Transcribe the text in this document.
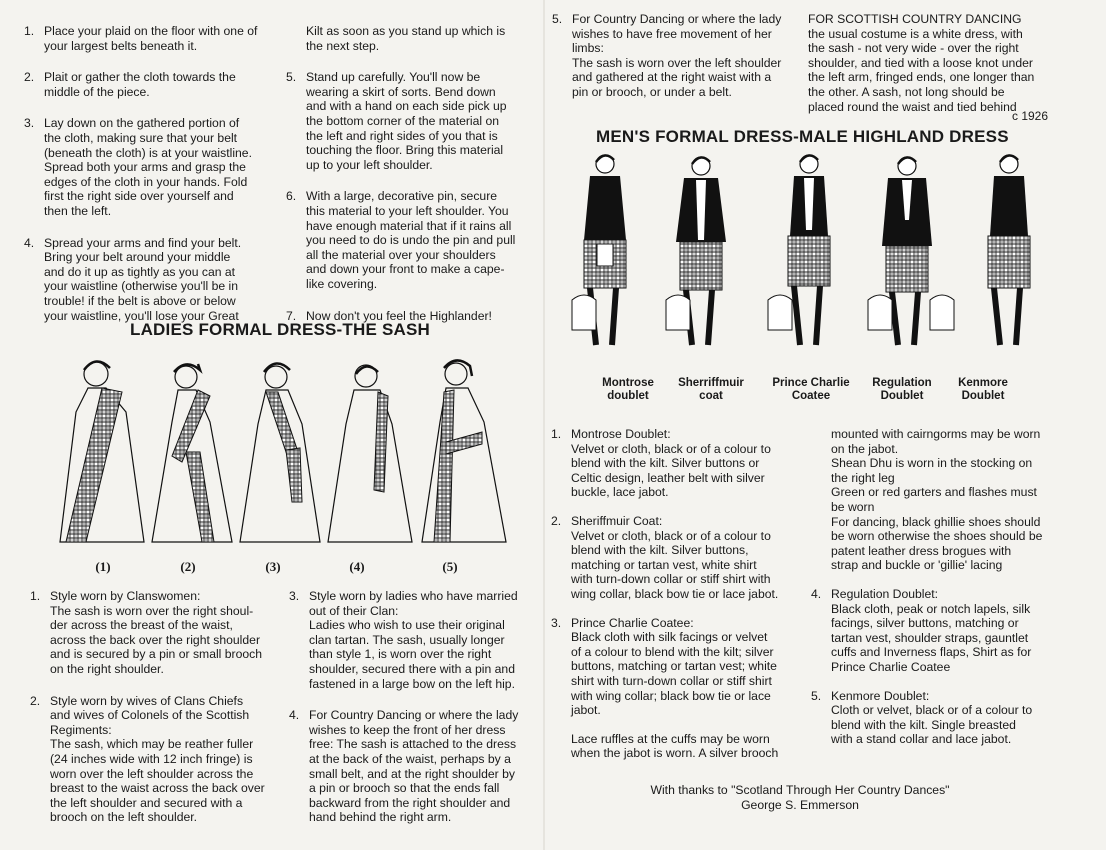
1. Place your plaid on the floor with one of
your largest belts beneath it.
2. Plait or gather the cloth towards the
middle of the piece.
3. Lay down on the gathered portion of
the cloth, making sure that your belt
(beneath the cloth) is at your waistline.
Spread both your arms and grasp the
edges of the cloth in your hands. Fold
first the right side over yourself and
then the left.
4. Spread your arms and find your belt.
Bring your belt around your middle
and do it up as tightly as you can at
your waistline (otherwise you'll be in
trouble! if the belt is above or below
your waistline, you'll lose your Great
Kilt as soon as you stand up which is
the next step.
5. Stand up carefully. You'll now be
wearing a skirt of sorts. Bend down
and with a hand on each side pick up
the bottom corner of the material on
the left and right sides of you that is
touching the floor. Bring this material
up to your left shoulder.
6. With a large, decorative pin, secure
this material to your left shoulder. You
have enough material that if it rains all
you need to do is undo the pin and pull
all the material over your shoulders
and down your front to make a cape-
like covering.
7. Now don't you feel the Highlander!
LADIES FORMAL DRESS-THE SASH
(1)	(2)	(3)	(4)	(5)
1. Style worn by Clanswomen:
The sash is worn over the right shoul-
der across the breast of the waist,
across the back over the right shoulder
and is secured by a pin or small brooch
on the right shoulder.
2. Style worn by wives of Clans Chiefs
and wives of Colonels of the Scottish
Regiments:
The sash, which may be reather fuller
(24 inches wide with 12 inch fringe) is
worn over the left shoulder across the
breast to the waist across the back over
the left shoulder and secured with a
brooch on the left shoulder.
3. Style worn by ladies who have married
out of their Clan:
Ladies who wish to use their original
clan tartan. The sash, usually longer
than style 1, is worn over the right
shoulder, secured there with a pin and
fastened in a large bow on the left hip.
4. For Country Dancing or where the lady
wishes to keep the front of her dress
free: The sash is attached to the dress
at the back of the waist, perhaps by a
small belt, and at the right shoulder by
a pin or brooch so that the ends fall
backward from the right shoulder and
hand behind the right arm.
5. For Country Dancing or where the lady
wishes to have free movement of her
limbs:
The sash is worn over the left shoulder
and gathered at the right waist with a
pin or brooch, or under a belt.
FOR SCOTTISH COUNTRY DANCING
the usual costume is a white dress, with
the sash - not very wide - over the right
shoulder, and tied with a loose knot under
the left arm, fringed ends, one longer than
the other. A sash, not long should be
placed round the waist and tied behind
c 1926
MEN'S FORMAL DRESS-MALE HIGHLAND DRESS
Montrose
doublet
Sherriffmuir
coat
Prince Charlie
Coatee
Regulation
Doublet
Kenmore
Doublet
1. Montrose Doublet:
Velvet or cloth, black or of a colour to
blend with the kilt. Silver buttons or
Celtic design, leather belt with silver
buckle, lace jabot.
2. Sheriffmuir Coat:
Velvet or cloth, black or of a colour to
blend with the kilt. Silver buttons,
matching or tartan vest, white shirt
with turn-down collar or stiff shirt with
wing collar, black bow tie or lace jabot.
3. Prince Charlie Coatee:
Black cloth with silk facings or velvet
of a colour to blend with the kilt; silver
buttons, matching or tartan vest; white
shirt with turn-down collar or stiff shirt
with wing collar; black bow tie or lace
jabot.
Lace ruffles at the cuffs may be worn
when the jabot is worn. A silver brooch
mounted with cairngorms may be worn
on the jabot.
Shean Dhu is worn in the stocking on
the right leg
Green or red garters and flashes must
be worn
For dancing, black ghillie shoes should
be worn otherwise the shoes should be
patent leather dress brogues with
strap and buckle or 'gillie' lacing
4. Regulation Doublet:
Black cloth, peak or notch lapels, silk
facings, silver buttons, matching or
tartan vest, shoulder straps, gauntlet
cuffs and Inverness flaps, Shirt as for
Prince Charlie Coatee
5. Kenmore Doublet:
Cloth or velvet, black or of a colour to
blend with the kilt. Single breasted
with a stand collar and lace jabot.
With thanks to "Scotland Through Her Country Dances"
George S. Emmerson
